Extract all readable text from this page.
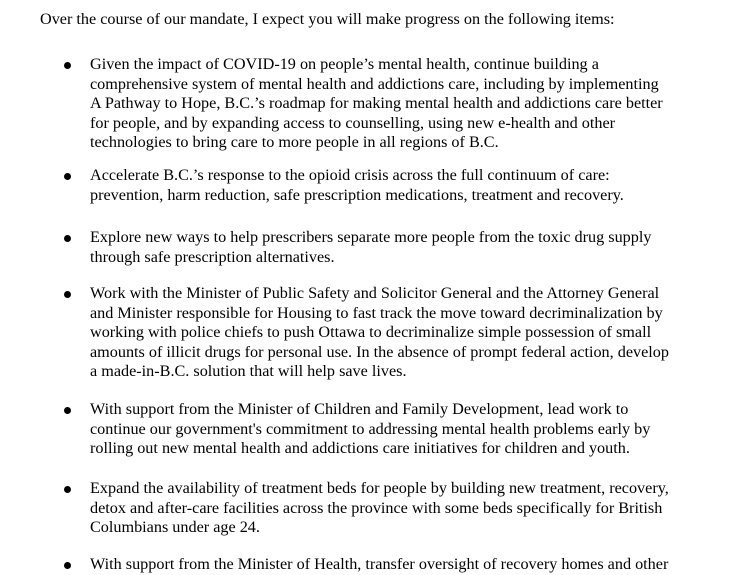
Over the course of our mandate, I expect you will make progress on the following items:

Given the impact of COVID-19 on people’s mental health, continue building a
comprehensive system of mental health and addictions care, including by implementing
A Pathway to Hope, B.C.’s roadmap for making mental health and addictions care better
for people, and by expanding access to counselling, using new e-health and other
technologies to bring care to more people in all regions of B.C.
Accelerate B.C.’s response to the opioid crisis across the full continuum of care:
prevention, harm reduction, safe prescription medications, treatment and recovery.
Explore new ways to help prescribers separate more people from the toxic drug supply
through safe prescription alternatives.
Work with the Minister of Public Safety and Solicitor General and the Attorney General
and Minister responsible for Housing to fast track the move toward decriminalization by
working with police chiefs to push Ottawa to decriminalize simple possession of small
amounts of illicit drugs for personal use. In the absence of prompt federal action, develop
a made-in-B.C. solution that will help save lives.
With support from the Minister of Children and Family Development, lead work to
continue our government's commitment to addressing mental health problems early by
rolling out new mental health and addictions care initiatives for children and youth.
Expand the availability of treatment beds for people by building new treatment, recovery,
detox and after-care facilities across the province with some beds specifically for British
Columbians under age 24.
With support from the Minister of Health, transfer oversight of recovery homes and other
